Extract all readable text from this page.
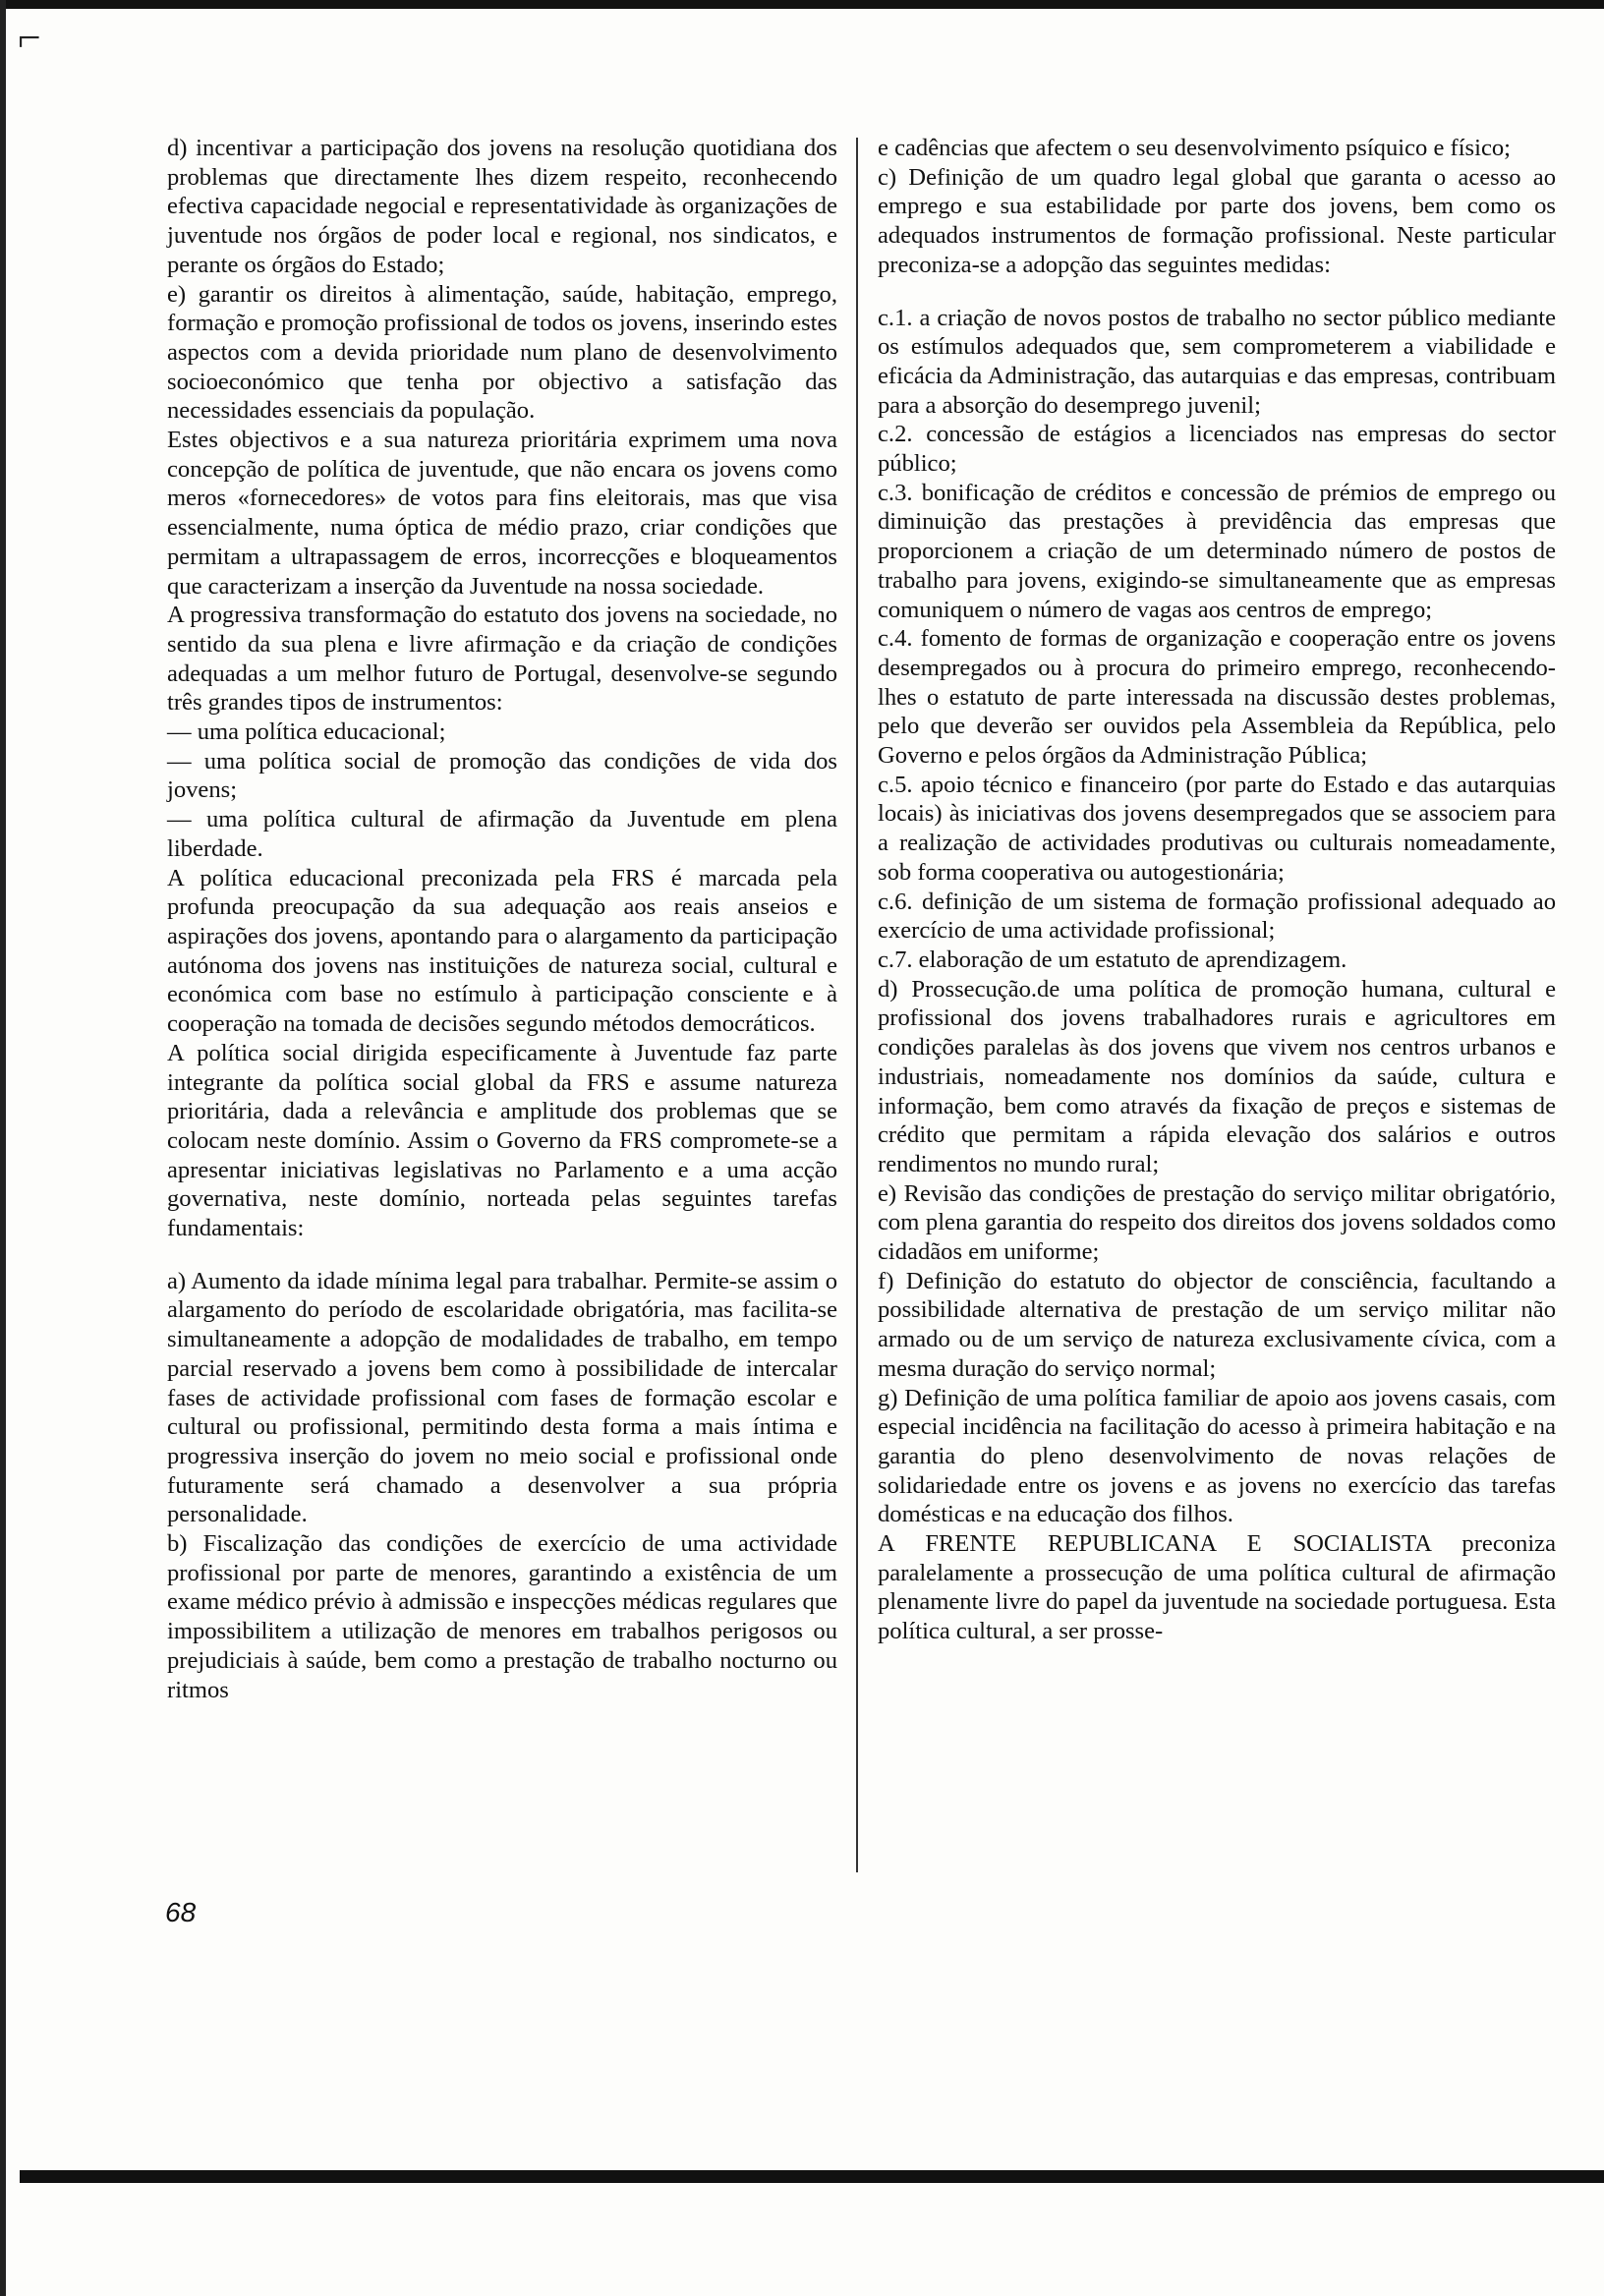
⌐

d) incentivar a participação dos jovens na resolução quotidiana dos problemas que directamente lhes dizem respeito, reconhecendo efectiva capacidade negocial e representatividade às organizações de juventude nos órgãos de poder local e regional, nos sindicatos, e perante os órgãos do Estado;

e) garantir os direitos à alimentação, saúde, habitação, emprego, formação e promoção profissional de todos os jovens, inserindo estes aspectos com a devida prioridade num plano de desenvolvimento socioeconómico que tenha por objectivo a satisfação das necessidades essenciais da população.

Estes objectivos e a sua natureza prioritária exprimem uma nova concepção de política de juventude, que não encara os jovens como meros «fornecedores» de votos para fins eleitorais, mas que visa essencialmente, numa óptica de médio prazo, criar condições que permitam a ultrapassagem de erros, incorrecções e bloqueamentos que caracterizam a inserção da Juventude na nossa sociedade.

A progressiva transformação do estatuto dos jovens na sociedade, no sentido da sua plena e livre afirmação e da criação de condições adequadas a um melhor futuro de Portugal, desenvolve-se segundo três grandes tipos de instrumentos:

— uma política educacional;

— uma política social de promoção das condições de vida dos jovens;

— uma política cultural de afirmação da Juventude em plena liberdade.

A política educacional preconizada pela FRS é marcada pela profunda preocupação da sua adequação aos reais anseios e aspirações dos jovens, apontando para o alargamento da participação autónoma dos jovens nas instituições de natureza social, cultural e económica com base no estímulo à participação consciente e à cooperação na tomada de decisões segundo métodos democráticos.

A política social dirigida especificamente à Juventude faz parte integrante da política social global da FRS e assume natureza prioritária, dada a relevância e amplitude dos problemas que se colocam neste domínio. Assim o Governo da FRS compromete-se a apresentar iniciativas legislativas no Parlamento e a uma acção governativa, neste domínio, norteada pelas seguintes tarefas fundamentais:

a) Aumento da idade mínima legal para trabalhar. Permite-se assim o alargamento do período de escolaridade obrigatória, mas facilita-se simultaneamente a adopção de modalidades de trabalho, em tempo parcial reservado a jovens bem como à possibilidade de intercalar fases de actividade profissional com fases de formação escolar e cultural ou profissional, permitindo desta forma a mais íntima e progressiva inserção do jovem no meio social e profissional onde futuramente será chamado a desenvolver a sua própria personalidade.

b) Fiscalização das condições de exercício de uma actividade profissional por parte de menores, garantindo a existência de um exame médico prévio à admissão e inspecções médicas regulares que impossibilitem a utilização de menores em trabalhos perigosos ou prejudiciais à saúde, bem como a prestação de trabalho nocturno ou ritmos

e cadências que afectem o seu desenvolvimento psíquico e físico;

c) Definição de um quadro legal global que garanta o acesso ao emprego e sua estabilidade por parte dos jovens, bem como os adequados instrumentos de formação profissional. Neste particular preconiza-se a adopção das seguintes medidas:

c.1. a criação de novos postos de trabalho no sector público mediante os estímulos adequados que, sem comprometerem a viabilidade e eficácia da Administração, das autarquias e das empresas, contribuam para a absorção do desemprego juvenil;

c.2. concessão de estágios a licenciados nas empresas do sector público;

c.3. bonificação de créditos e concessão de prémios de emprego ou diminuição das prestações à previdência das empresas que proporcionem a criação de um determinado número de postos de trabalho para jovens, exigindo-se simultaneamente que as empresas comuniquem o número de vagas aos centros de emprego;

c.4. fomento de formas de organização e cooperação entre os jovens desempregados ou à procura do primeiro emprego, reconhecendo-lhes o estatuto de parte interessada na discussão destes problemas, pelo que deverão ser ouvidos pela Assembleia da República, pelo Governo e pelos órgãos da Administração Pública;

c.5. apoio técnico e financeiro (por parte do Estado e das autarquias locais) às iniciativas dos jovens desempregados que se associem para a realização de actividades produtivas ou culturais nomeadamente, sob forma cooperativa ou autogestionária;

c.6. definição de um sistema de formação profissional adequado ao exercício de uma actividade profissional;

c.7. elaboração de um estatuto de aprendizagem.

d) Prossecução.de uma política de promoção humana, cultural e profissional dos jovens trabalhadores rurais e agricultores em condições paralelas às dos jovens que vivem nos centros urbanos e industriais, nomeadamente nos domínios da saúde, cultura e informação, bem como através da fixação de preços e sistemas de crédito que permitam a rápida elevação dos salários e outros rendimentos no mundo rural;

e) Revisão das condições de prestação do serviço militar obrigatório, com plena garantia do respeito dos direitos dos jovens soldados como cidadãos em uniforme;

f) Definição do estatuto do objector de consciência, facultando a possibilidade alternativa de prestação de um serviço militar não armado ou de um serviço de natureza exclusivamente cívica, com a mesma duração do serviço normal;

g) Definição de uma política familiar de apoio aos jovens casais, com especial incidência na facilitação do acesso à primeira habitação e na garantia do pleno desenvolvimento de novas relações de solidariedade entre os jovens e as jovens no exercício das tarefas domésticas e na educação dos filhos.

A FRENTE REPUBLICANA E SOCIALISTA preconiza paralelamente a prossecução de uma política cultural de afirmação plenamente livre do papel da juventude na sociedade portuguesa. Esta política cultural, a ser prosse-

68
